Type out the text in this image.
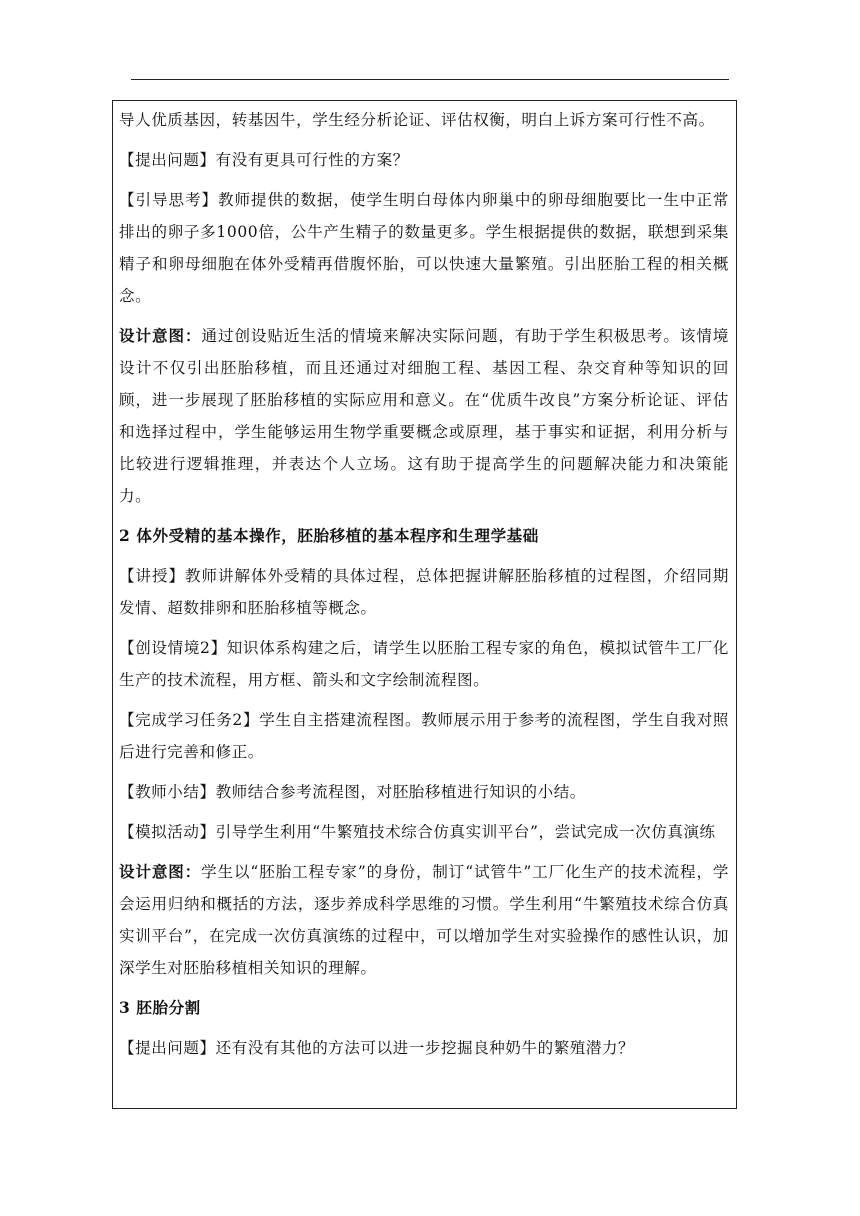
导人优质基因，转基因牛，学生经分析论证、评估权衡，明白上诉方案可行性不高。

【提出问题】有没有更具可行性的方案？

【引导思考】教师提供的数据，使学生明白母体内卵巢中的卵母细胞要比一生中正常排出的卵子多1000倍，公牛产生精子的数量更多。学生根据提供的数据，联想到采集精子和卵母细胞在体外受精再借腹怀胎，可以快速大量繁殖。引出胚胎工程的相关概念。

设计意图：通过创设贴近生活的情境来解决实际问题，有助于学生积极思考。该情境设计不仅引出胚胎移植，而且还通过对细胞工程、基因工程、杂交育种等知识的回顾，进一步展现了胚胎移植的实际应用和意义。在“优质牛改良”方案分析论证、评估和选择过程中，学生能够运用生物学重要概念或原理，基于事实和证据，利用分析与比较进行逻辑推理，并表达个人立场。这有助于提高学生的问题解决能力和决策能力。

2 体外受精的基本操作，胚胎移植的基本程序和生理学基础

【讲授】教师讲解体外受精的具体过程，总体把握讲解胚胎移植的过程图，介绍同期发情、超数排卵和胚胎移植等概念。

【创设情境2】知识体系构建之后，请学生以胚胎工程专家的角色，模拟试管牛工厂化生产的技术流程，用方框、箭头和文字绘制流程图。

【完成学习任务2】学生自主搭建流程图。教师展示用于参考的流程图，学生自我对照后进行完善和修正。

【教师小结】教师结合参考流程图，对胚胎移植进行知识的小结。

【模拟活动】引导学生利用“牛繁殖技术综合仿真实训平台”，尝试完成一次仿真演练

设计意图：学生以“胚胎工程专家”的身份，制订“试管牛”工厂化生产的技术流程，学会运用归纳和概括的方法，逐步养成科学思维的习惯。学生利用“牛繁殖技术综合仿真实训平台”，在完成一次仿真演练的过程中，可以增加学生对实验操作的感性认识，加深学生对胚胎移植相关知识的理解。

3 胚胎分割

【提出问题】还有没有其他的方法可以进一步挖掘良种奶牛的繁殖潜力？
